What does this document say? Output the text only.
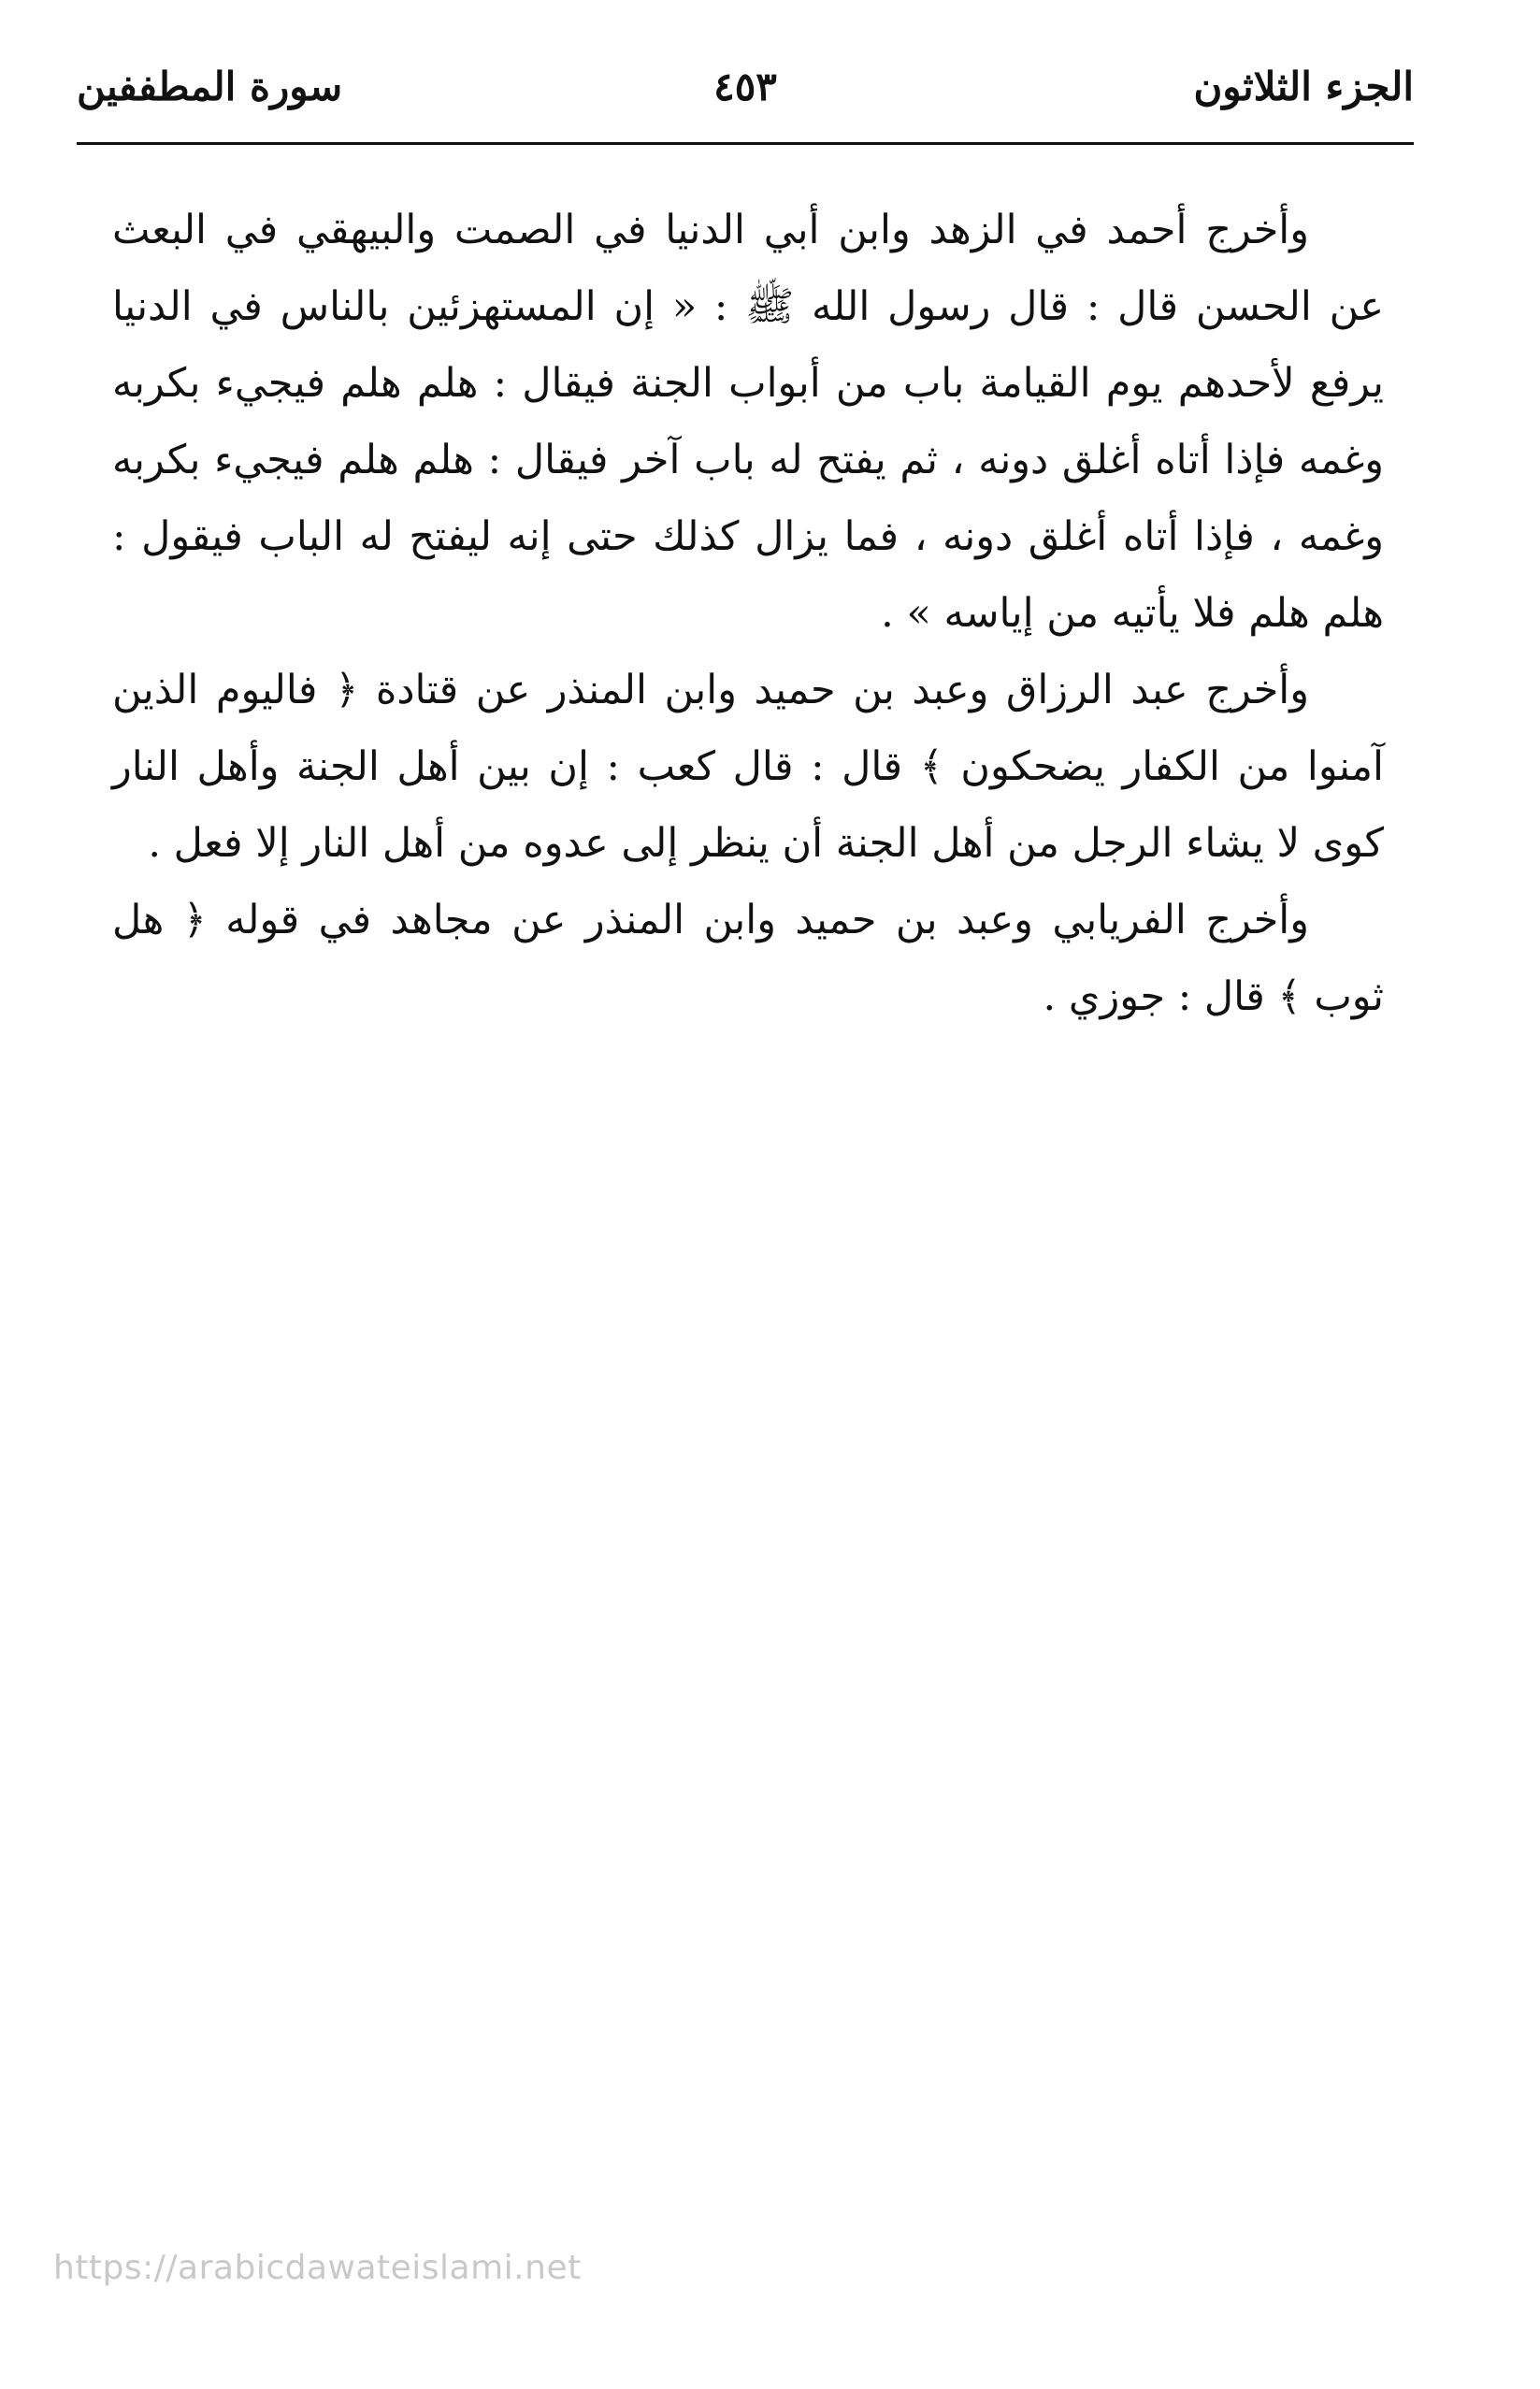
الجزء الثلاثون
٤٥٣
سورة المطففين

وأخرج أحمد في الزهد وابن أبي الدنيا في الصمت والبيهقي في البعث عن الحسن قال : قال رسول الله ﷺ : « إن المستهزئين بالناس في الدنيا يرفع لأحدهم يوم القيامة باب من أبواب الجنة فيقال : هلم هلم فيجيء بكربه وغمه فإذا أتاه أغلق دونه ، ثم يفتح له باب آخر فيقال : هلم هلم فيجيء بكربه وغمه ، فإذا أتاه أغلق دونه ، فما يزال كذلك حتى إنه ليفتح له الباب فيقول : هلم هلم فلا يأتيه من إياسه » .

وأخرج عبد الرزاق وعبد بن حميد وابن المنذر عن قتادة ﴿ فاليوم الذين آمنوا من الكفار يضحكون ﴾ قال : قال كعب : إن بين أهل الجنة وأهل النار كوى لا يشاء الرجل من أهل الجنة أن ينظر إلى عدوه من أهل النار إلا فعل .

وأخرج الفريابي وعبد بن حميد وابن المنذر عن مجاهد في قوله ﴿ هل ثوب ﴾ قال : جوزي .

https://arabicdawateislami.net
